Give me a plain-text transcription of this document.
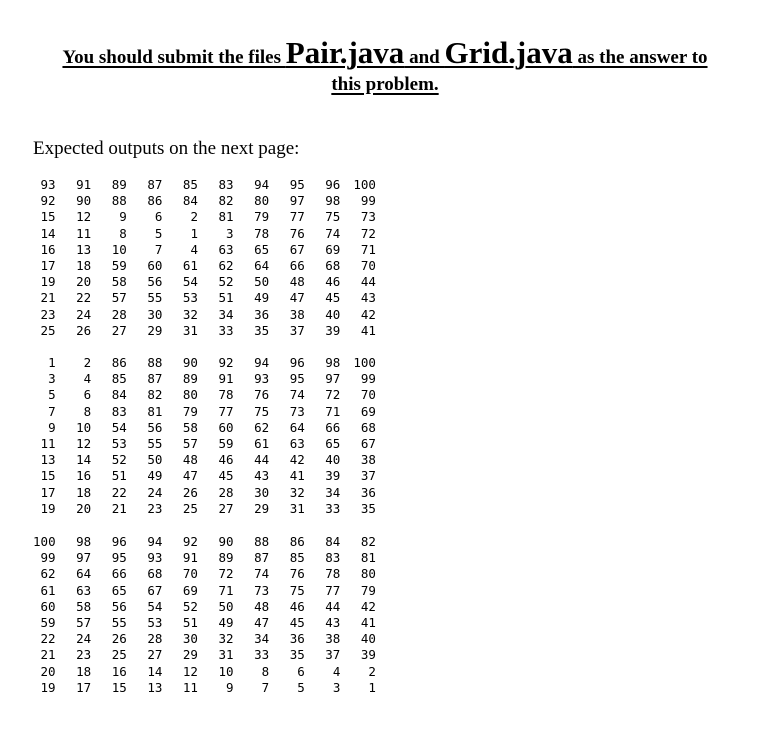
You should submit the files Pair.java and Grid.java as the answer to
this problem.
Expected outputs on the next page:
93	91	89	87	85	83	94	95	96	100
92	90	88	86	84	82	80	97	98	99
15	12	9	6	2	81	79	77	75	73
14	11	8	5	1	3	78	76	74	72
16	13	10	7	4	63	65	67	69	71
17	18	59	60	61	62	64	66	68	70
19	20	58	56	54	52	50	48	46	44
21	22	57	55	53	51	49	47	45	43
23	24	28	30	32	34	36	38	40	42
25	26	27	29	31	33	35	37	39	41
1	2	86	88	90	92	94	96	98	100
3	4	85	87	89	91	93	95	97	99
5	6	84	82	80	78	76	74	72	70
7	8	83	81	79	77	75	73	71	69
9	10	54	56	58	60	62	64	66	68
11	12	53	55	57	59	61	63	65	67
13	14	52	50	48	46	44	42	40	38
15	16	51	49	47	45	43	41	39	37
17	18	22	24	26	28	30	32	34	36
19	20	21	23	25	27	29	31	33	35
100	98	96	94	92	90	88	86	84	82
99	97	95	93	91	89	87	85	83	81
62	64	66	68	70	72	74	76	78	80
61	63	65	67	69	71	73	75	77	79
60	58	56	54	52	50	48	46	44	42
59	57	55	53	51	49	47	45	43	41
22	24	26	28	30	32	34	36	38	40
21	23	25	27	29	31	33	35	37	39
20	18	16	14	12	10	8	6	4	2
19	17	15	13	11	9	7	5	3	1
